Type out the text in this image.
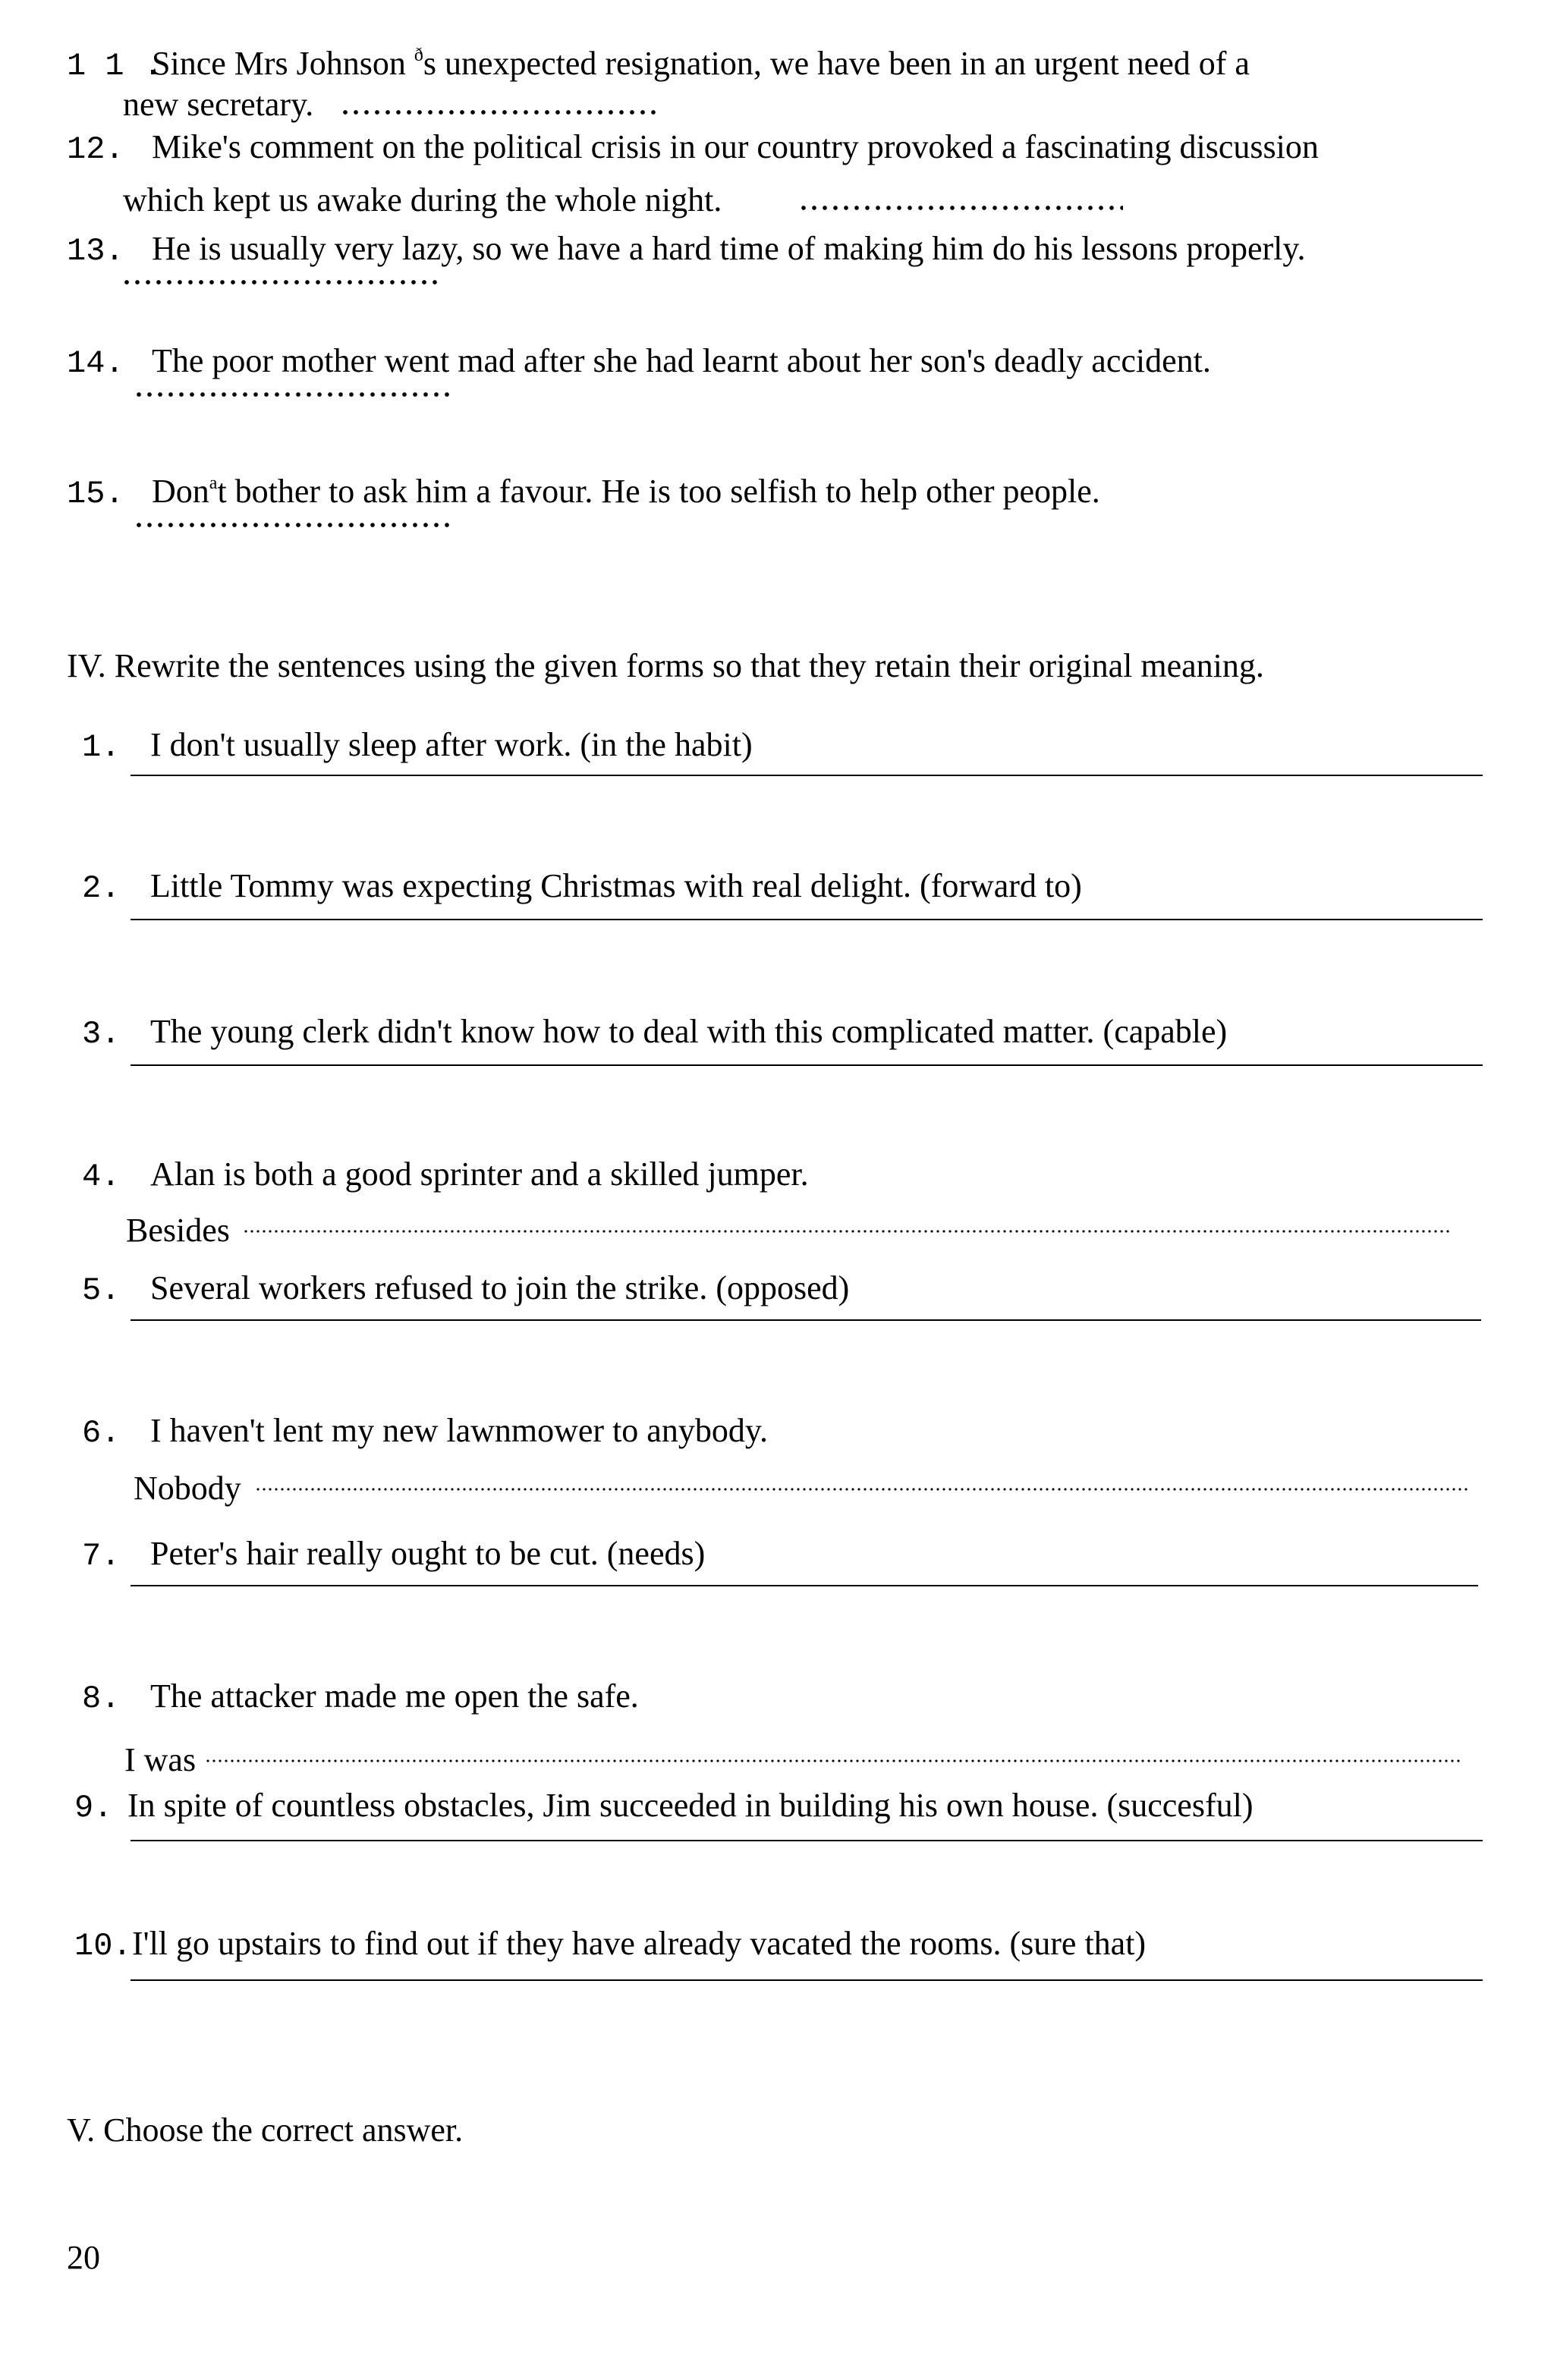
1 1 .
Since Mrs Johnson $^ð$s unexpected resignation, we have been in an urgent need of a
new secretary.
12. Mike's comment on the political crisis in our country provoked a fascinating discussion
which kept us awake during the whole night.
13. He is usually very lazy, so we have a hard time of making him do his lessons properly.
14. The poor mother went mad after she had learnt about her son's deadly accident.
15. Don$^a$t bother to ask him a favour. He is too selfish to help other people.
IV. Rewrite the sentences using the given forms so that they retain their original meaning.
1. I don't usually sleep after work. (in the habit)
2. Little Tommy was expecting Christmas with real delight. (forward to)
3. The young clerk didn't know how to deal with this complicated matter. (capable)
4. Alan is both a good sprinter and a skilled jumper.
Besides
5. Several workers refused to join the strike. (opposed)
6. I haven't lent my new lawnmower to anybody.
Nobody
7. Peter's hair really ought to be cut. (needs)
8. The attacker made me open the safe.
I was
9. In spite of countless obstacles, Jim succeeded in building his own house. (succesful)
10. I'll go upstairs to find out if they have already vacated the rooms. (sure that)
V. Choose the correct answer.
20
